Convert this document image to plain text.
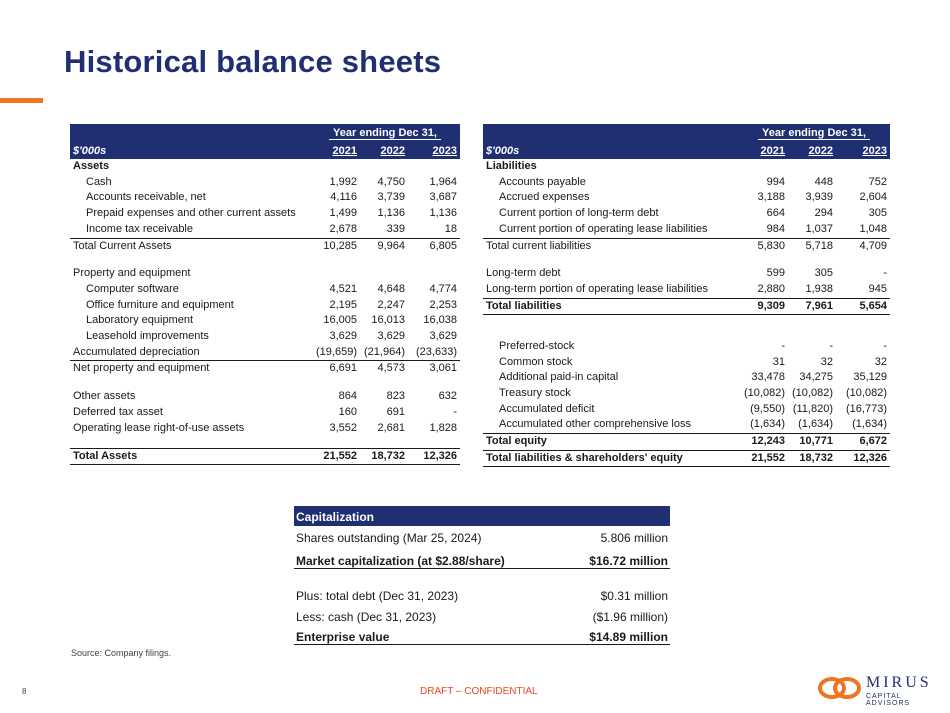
Historical balance sheets
	Year ending Dec 31,		
$'000s	2021	2022	2023
Assets			
Cash	1,992	4,750	1,964
Accounts receivable, net	4,116	3,739	3,687
Prepaid expenses and other current assets	1,499	1,136	1,136
Income tax receivable	2,678	339	18
Total Current Assets	10,285	9,964	6,805

Property and equipment			
Computer software	4,521	4,648	4,774
Office furniture and equipment	2,195	2,247	2,253
Laboratory equipment	16,005	16,013	16,038
Leasehold improvements	3,629	3,629	3,629
Accumulated depreciation	(19,659)	(21,964)	(23,633)
Net property and equipment	6,691	4,573	3,061

Other assets	864	823	632
Deferred tax asset	160	691	-
Operating lease right-of-use assets	3,552	2,681	1,828

Total Assets	21,552	18,732	12,326
	Year ending Dec 31,		
$'000s	2021	2022	2023
Liabilities			
Accounts payable	994	448	752
Accrued expenses	3,188	3,939	2,604
Current portion of long-term debt	664	294	305
Current portion of operating lease liabilities	984	1,037	1,048
Total current liabilities	5,830	5,718	4,709

Long-term debt	599	305	-
Long-term portion of operating lease liabilities	2,880	1,938	945
Total liabilities	9,309	7,961	5,654

Preferred-stock	-	-	-
Common stock	31	32	32
Additional paid-in capital	33,478	34,275	35,129
Treasury stock	(10,082)	(10,082)	(10,082)
Accumulated deficit	(9,550)	(11,820)	(16,773)
Accumulated other comprehensive loss	(1,634)	(1,634)	(1,634)
Total equity	12,243	10,771	6,672
Total liabilities & shareholders' equity	21,552	18,732	12,326
Capitalization
Shares outstanding (Mar 25, 2024)	5.806 million
Market capitalization (at $2.88/share)	$16.72 million
Plus: total debt (Dec 31, 2023)	$0.31 million
Less: cash (Dec 31, 2023)	($1.96 million)
Enterprise value	$14.89 million
Source: Company filings.
8	DRAFT – CONFIDENTIAL
MIRUS
CAPITAL ADVISORS
